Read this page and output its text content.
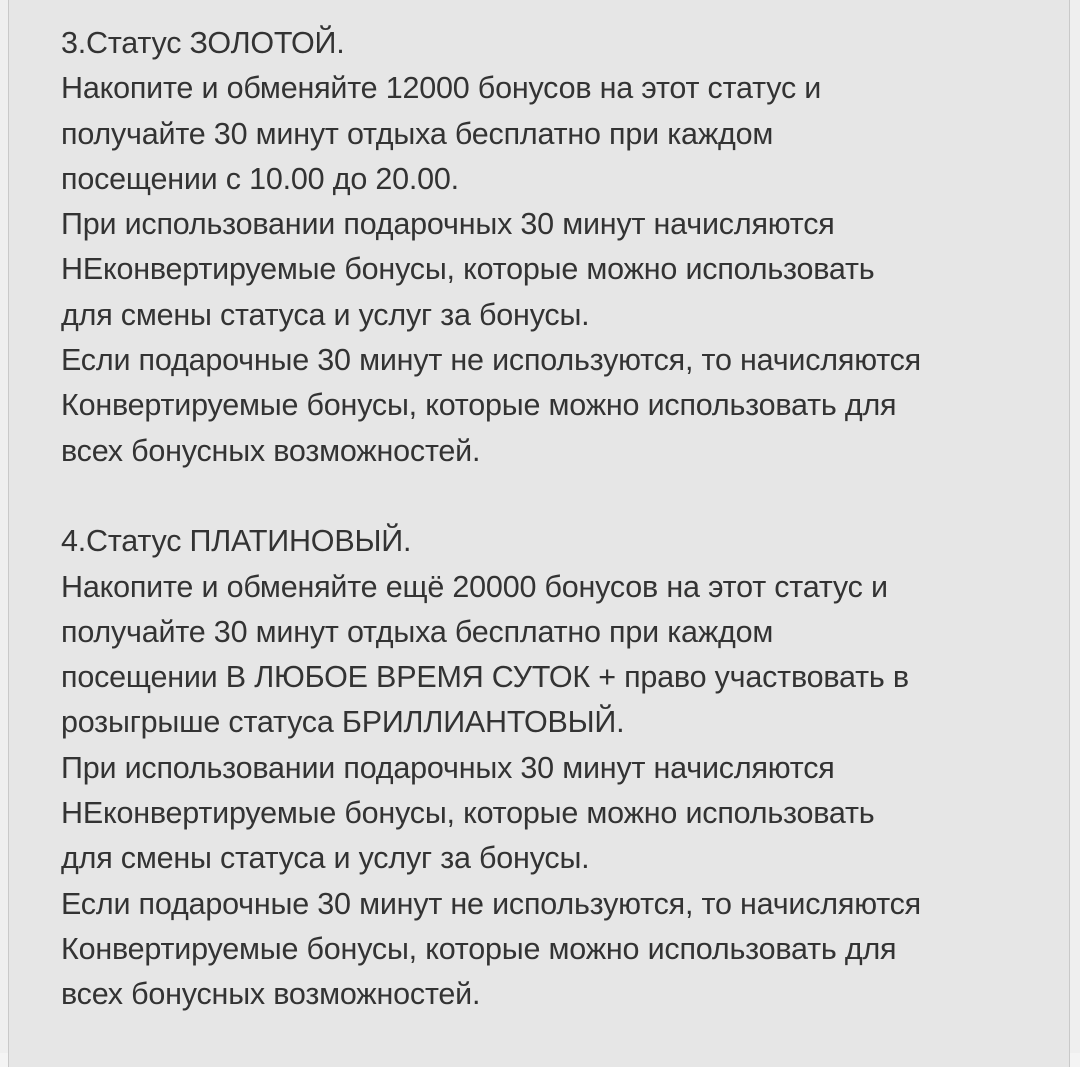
3.Статус ЗОЛОТОЙ.
Накопите и обменяйте 12000 бонусов на этот статус и
получайте 30 минут отдыха бесплатно при каждом
посещении с 10.00 до 20.00.
При использовании подарочных 30 минут начисляются
НЕконвертируемые бонусы, которые можно использовать
для смены статуса и услуг за бонусы.
Если подарочные 30 минут не используются, то начисляются
Конвертируемые бонусы, которые можно использовать для
всех бонусных возможностей.
4.Статус ПЛАТИНОВЫЙ.
Накопите и обменяйте ещё 20000 бонусов на этот статус и
получайте 30 минут отдыха бесплатно при каждом
посещении В ЛЮБОЕ ВРЕМЯ СУТОК + право участвовать в
розыгрыше статуса БРИЛЛИАНТОВЫЙ.
При использовании подарочных 30 минут начисляются
НЕконвертируемые бонусы, которые можно использовать
для смены статуса и услуг за бонусы.
Если подарочные 30 минут не используются, то начисляются
Конвертируемые бонусы, которые можно использовать для
всех бонусных возможностей.
